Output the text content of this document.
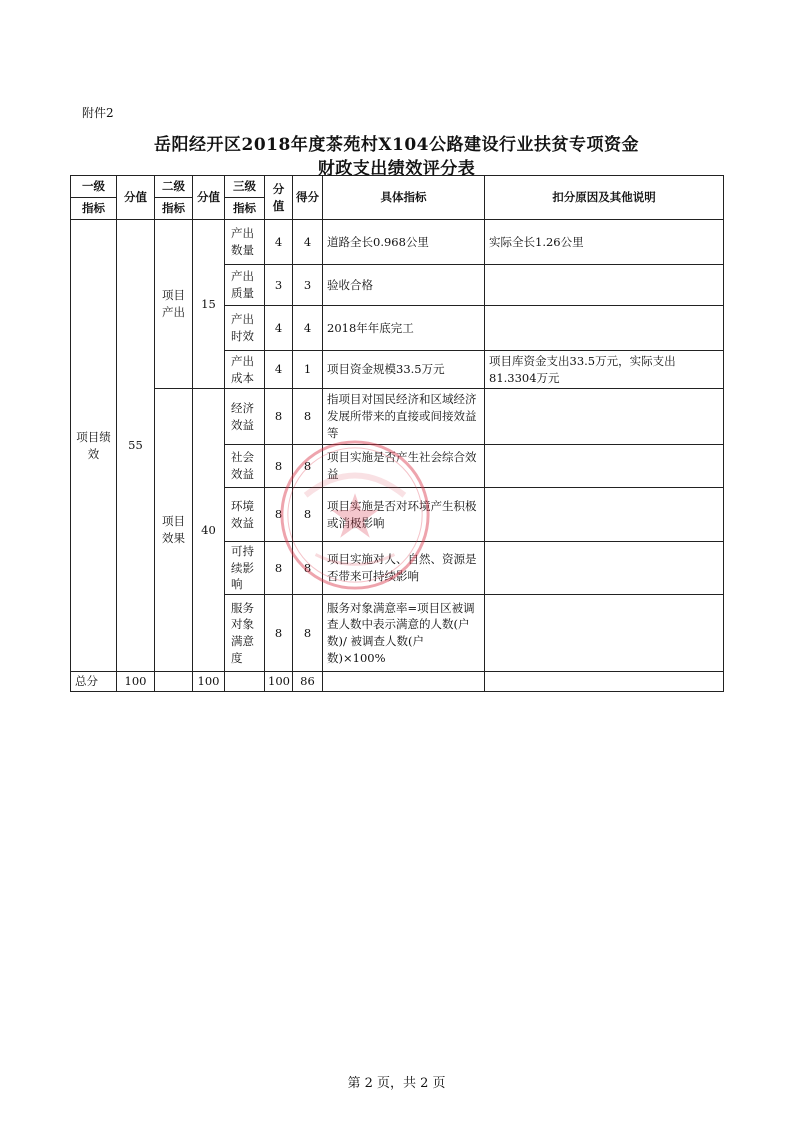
附件2
岳阳经开区2018年度茶苑村X104公路建设行业扶贫专项资金
财政支出绩效评分表
一级	分值	二级	分值	三级	分值	得分	具体指标	扣分原因及其他说明
指标		指标		指标				
项目绩效	55	项目产出	15	产出数量	4	4	道路全长0.968公里	实际全长1.26公里
				产出质量	3	3	验收合格	
				产出时效	4	4	2018年年底完工	
				产出成本	4	1	项目资金规模33.5万元	项目库资金支出33.5万元，实际支出81.3304万元
		项目效果	40	经济效益	8	8	指项目对国民经济和区域经济发展所带来的直接或间接效益等	
				社会效益	8	8	项目实施是否产生社会综合效益	
				环境效益	8	8	项目实施是否对环境产生积极或消极影响	
				可持续影响	8	8	项目实施对人、自然、资源是否带来可持续影响	
				服务对象满意度	8	8	服务对象满意率=项目区被调查人数中表示满意的人数(户数)/ 被调查人数(户数)×100%	
总分	100		100		100	86		
第 2 页，共 2 页
